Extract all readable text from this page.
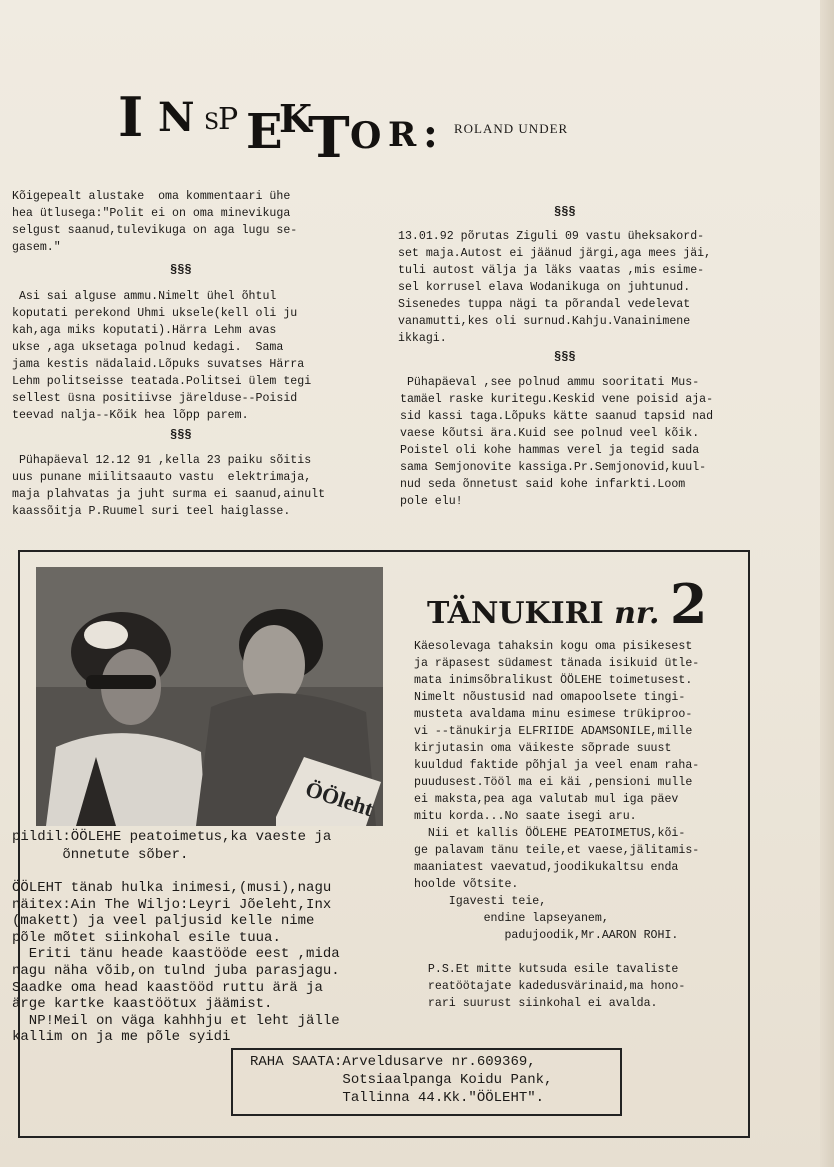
I N S
P E
K
T O R : ROLAND UNDER
Kõigepealt alustake  oma kommentaari ühe
hea ütlusega:"Polit ei on oma minevikuga
selgust saanud,tulevikuga on aga lugu se-
gasem."
§§§
Asi sai alguse ammu.Nimelt ühel õhtul
koputati perekond Uhmi uksele(kell oli ju
kah,aga miks koputati).Härra Lehm avas
ukse ,aga uksetaga polnud kedagi.  Sama
jama kestis nädalaid.Lõpuks suvatses Härra
Lehm politseisse teatada.Politsei ülem tegi
sellest üsna positiivse järelduse--Poisid
teevad nalja--Kõik hea lõpp parem.
§§§
Pühapäeval 12.12 91 ,kella 23 paiku sõitis
uus punane miilitsaauto vastu  elektrimaja,
maja plahvatas ja juht surma ei saanud,ainult
kaassõitja P.Ruumel suri teel haiglasse.
§§§
13.01.92 põrutas Ziguli 09 vastu üheksakord-
set maja.Autost ei jäänud järgi,aga mees jäi,
tuli autost välja ja läks vaatas ,mis esime-
sel korrusel elava Wodanikuga on juhtunud.
Sisenedes tuppa nägi ta põrandal vedelevat
vanamutti,kes oli surnud.Kahju.Vanainimene
ikkagi.
§§§
Pühapäeval ,see polnud ammu sooritati Mus-
tamäel raske kuritegu.Keskid vene poisid aja-
sid kassi taga.Lõpuks kätte saanud tapsid nad
vaese kõutsi ära.Kuid see polnud veel kõik.
Poistel oli kohe hammas verel ja tegid sada
sama Semjonovite kassiga.Pr.Semjonovid,kuul-
nud seda õnnetust said kohe infarkti.Loom
pole elu!
ÖÖleht
pildil:ÖÖLEHE peatoimetus,ka vaeste ja
õnnetute sõber.
ÖÖLEHT tänab hulka inimesi,(musi),nagu
näitex:Ain The Wiljo:Leyri Jõeleht,Inx
(makett) ja veel paljusid kelle nime
põle mõtet siinkohal esile tuua.
Eriti tänu heade kaastööde eest ,mida
nagu näha võib,on tulnd juba parasjagu.
Saadke oma head kaastööd ruttu ärä ja
ärge kartke kaastöötux jäämist.
NP!Meil on väga kahhhju et leht jälle
kallim on ja me põle syidi
TÄNUKIRI nr. 2
Käesolevaga tahaksin kogu oma pisikesest
ja räpasest südamest tänada isikuid ütle-
mata inimsõbralikust ÖÖLEHE toimetusest.
Nimelt nõustusid nad omapoolsete tingi-
musteta avaldama minu esimese trükiproo-
vi --tänukirja ELFRIIDE ADAMSONILE,mille
kirjutasin oma väikeste sõprade suust
kuuldud faktide põhjal ja veel enam raha-
puudusest.Tööl ma ei käi ,pensioni mulle
ei maksta,pea aga valutab mul iga päev
mitu korda...No saate isegi aru.
Nii et kallis ÖÖLEHE PEATOIMETUS,kõi-
ge palavam tänu teile,et vaese,jälitamis-
maaniatest vaevatud,joodikukaltsu enda
hoolde võtsite.
Igavesti teie,
endine lapseyanem,
padujoodik,Mr.AARON ROHI.

P.S.Et mitte kutsuda esile tavaliste
reatöötajate kadedusvärinaid,ma hono-
rari suurust siinkohal ei avalda.
RAHA SAATA:Arveldusarve nr.609369,
Sotsiaalpanga Koidu Pank,
Tallinna 44.Kk."ÖÖLEHT".
